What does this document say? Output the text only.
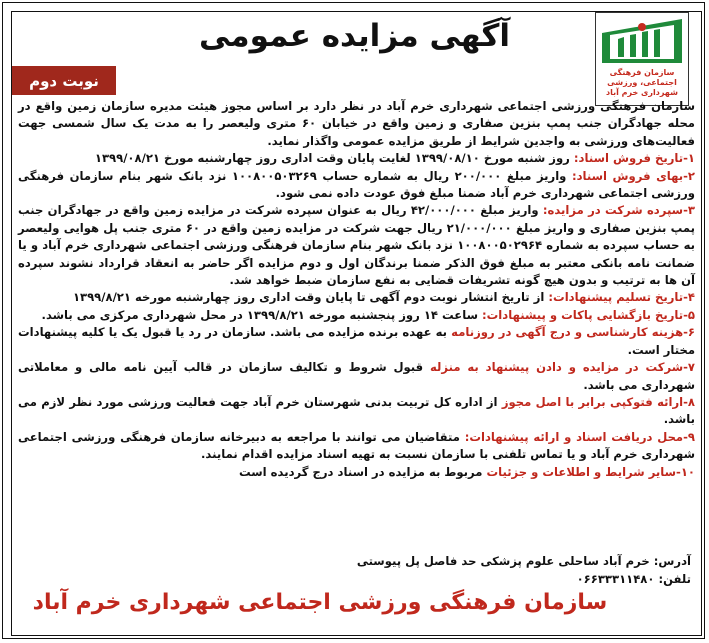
آگهی مزایده عمومی
نوبت دوم	سازمان فرهنگی اجتماعی، ورزشی شهرداری خرم آباد

سازمان فرهنگی ورزشی اجتماعی شهرداری خرم آباد در نظر دارد بر اساس مجوز هیئت مدیره سازمان زمین واقع در محله جهادگران جنب پمپ بنزین صفاری و زمین واقع در خیابان ۶۰ متری ولیعصر را به مدت یک سال شمسی جهت فعالیت‌های ورزشی به واجدین شرایط از طریق مزایده عمومی واگذار نماید.

۱-تاریخ فروش اسناد: روز شنبه مورخ ۱۳۹۹/۰۸/۱۰ لغایت پایان وقت اداری روز چهارشنبه مورخ ۱۳۹۹/۰۸/۲۱

۲-بهای فروش اسناد: واریز مبلغ ۲۰۰/۰۰۰ ریال به شماره حساب ۱۰۰۸۰۰۵۰۳۲۶۹ نزد بانک شهر بنام سازمان فرهنگی ورزشی اجتماعی شهرداری خرم آباد ضمنا مبلغ فوق عودت داده نمی شود.

۳-سپرده شرکت در مزایده: واریز مبلغ ۴۲/۰۰۰/۰۰۰ ریال به عنوان سپرده شرکت در مزایده زمین واقع در جهادگران جنب پمپ بنزین صفاری و واریز مبلغ ۲۱/۰۰۰/۰۰۰ ریال جهت شرکت در مزایده زمین واقع در ۶۰ متری جنب پل هوایی ولیعصر به حساب سپرده به شماره ۱۰۰۸۰۰۵۰۲۹۶۴ نزد بانک شهر بنام سازمان فرهنگی ورزشی اجتماعی شهرداری خرم آباد و یا ضمانت نامه بانکی معتبر به مبلغ فوق الذکر ضمنا برندگان اول و دوم مزایده اگر حاضر به انعقاد قرارداد نشوند سپرده آن ها به ترتیب و بدون هیچ گونه تشریفات قضایی به نفع سازمان ضبط خواهد شد.

۴-تاریخ تسلیم پیشنهادات: از تاریخ انتشار نوبت دوم آگهی تا پایان وقت اداری روز چهارشنبه مورخه ۱۳۹۹/۸/۲۱

۵-تاریخ بازگشایی پاکات و پیشنهادات: ساعت ۱۴ روز پنجشنبه مورخه ۱۳۹۹/۸/۲۱ در محل شهرداری مرکزی می باشد.

۶-هزینه کارشناسی و درج آگهی در روزنامه به عهده برنده مزایده می باشد. سازمان در رد یا قبول یک یا کلیه پیشنهادات مختار است.

۷-شرکت در مزایده و دادن پیشنهاد به منزله قبول شروط و تکالیف سازمان در قالب آیین نامه مالی و معاملاتی شهرداری می باشد.

۸-ارائه فتوکپی برابر با اصل مجوز از اداره کل تربیت بدنی شهرستان خرم آباد جهت فعالیت ورزشی مورد نظر لازم می باشد.

۹-محل دریافت اسناد و ارائه پیشنهادات: متقاضیان می توانند با مراجعه به دبیرخانه سازمان فرهنگی ورزشی اجتماعی شهرداری خرم آباد و یا تماس تلفنی با سازمان نسبت به تهیه اسناد مزایده اقدام نمایند.

۱۰-سایر شرایط و اطلاعات و جزئیات مربوط به مزایده در اسناد درج گردیده است

آدرس: خرم آباد ساحلی علوم پزشکی حد فاصل پل پیوستی
تلفن: ۰۶۶۳۳۳۱۱۴۸۰
سازمان فرهنگی ورزشی اجتماعی شهرداری خرم آباد
